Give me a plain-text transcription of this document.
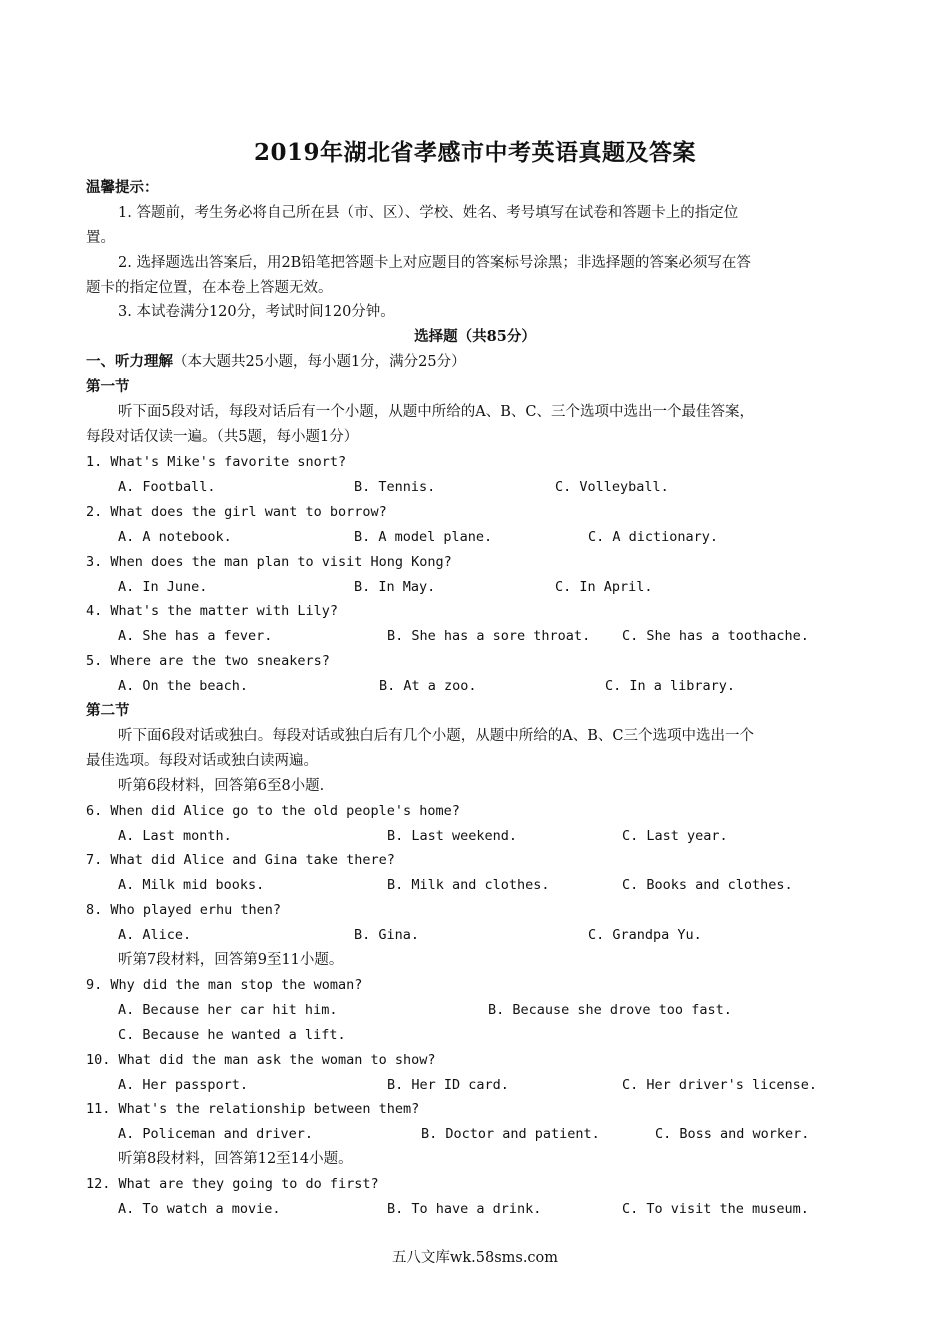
2019年湖北省孝感市中考英语真题及答案
温馨提示：
1. 答题前，考生务必将自己所在县（市、区）、学校、姓名、考号填写在试卷和答题卡上的指定位
置。
2. 选择题选出答案后，用2B铅笔把答题卡上对应题目的答案标号涂黑；非选择题的答案必须写在答
题卡的指定位置，在本卷上答题无效。
3. 本试卷满分120分，考试时间120分钟。
选择题（共85分）
一、听力理解（本大题共25小题，每小题1分，满分25分）
第一节
听下面5段对话，每段对话后有一个小题，从题中所给的A、B、C、三个选项中选出一个最佳答案，
每段对话仅读一遍。（共5题，每小题1分）
1. What's Mike's favorite snort?
A. Football.	B. Tennis.	C. Volleyball.
2. What does the girl want to borrow?
A. A notebook.	B. A model plane.	C. A dictionary.
3. When does the man plan to visit Hong Kong?
A. In June.	B. In May.	C. In April.
4. What's the matter with Lily?
A. She has a fever.	B. She has a sore throat. C. She has a toothache.
5. Where are the two sneakers?
A. On the beach.	B. At a zoo.	C. In a library.
第二节
听下面6段对话或独白。每段对话或独白后有几个小题，从题中所给的A、B、C三个选项中选出一个
最佳选项。每段对话或独白读两遍。
听第6段材料，回答第6至8小题.
6. When did Alice go to the old people's home?
A. Last month.	B. Last weekend.	C. Last year.
7. What did Alice and Gina take there?
A. Milk mid books.	B. Milk and clothes.	C. Books and clothes.
8. Who played erhu then?
A. Alice.	B. Gina.	C. Grandpa Yu.
听第7段材料，回答第9至11小题。
9. Why did the man stop the woman?
A. Because her car hit him.	B. Because she drove too fast.
C. Because he wanted a lift.
10. What did the man ask the woman to show?
A. Her passport.	B. Her ID card.	C. Her driver's license.
11. What's the relationship between them?
A. Policeman and driver.	B. Doctor and patient.	C. Boss and worker.
听第8段材料，回答第12至14小题。
12. What are they going to do first?
A. To watch a movie.	B. To have a drink.	C. To visit the museum.
五八文库wk.58sms.com
